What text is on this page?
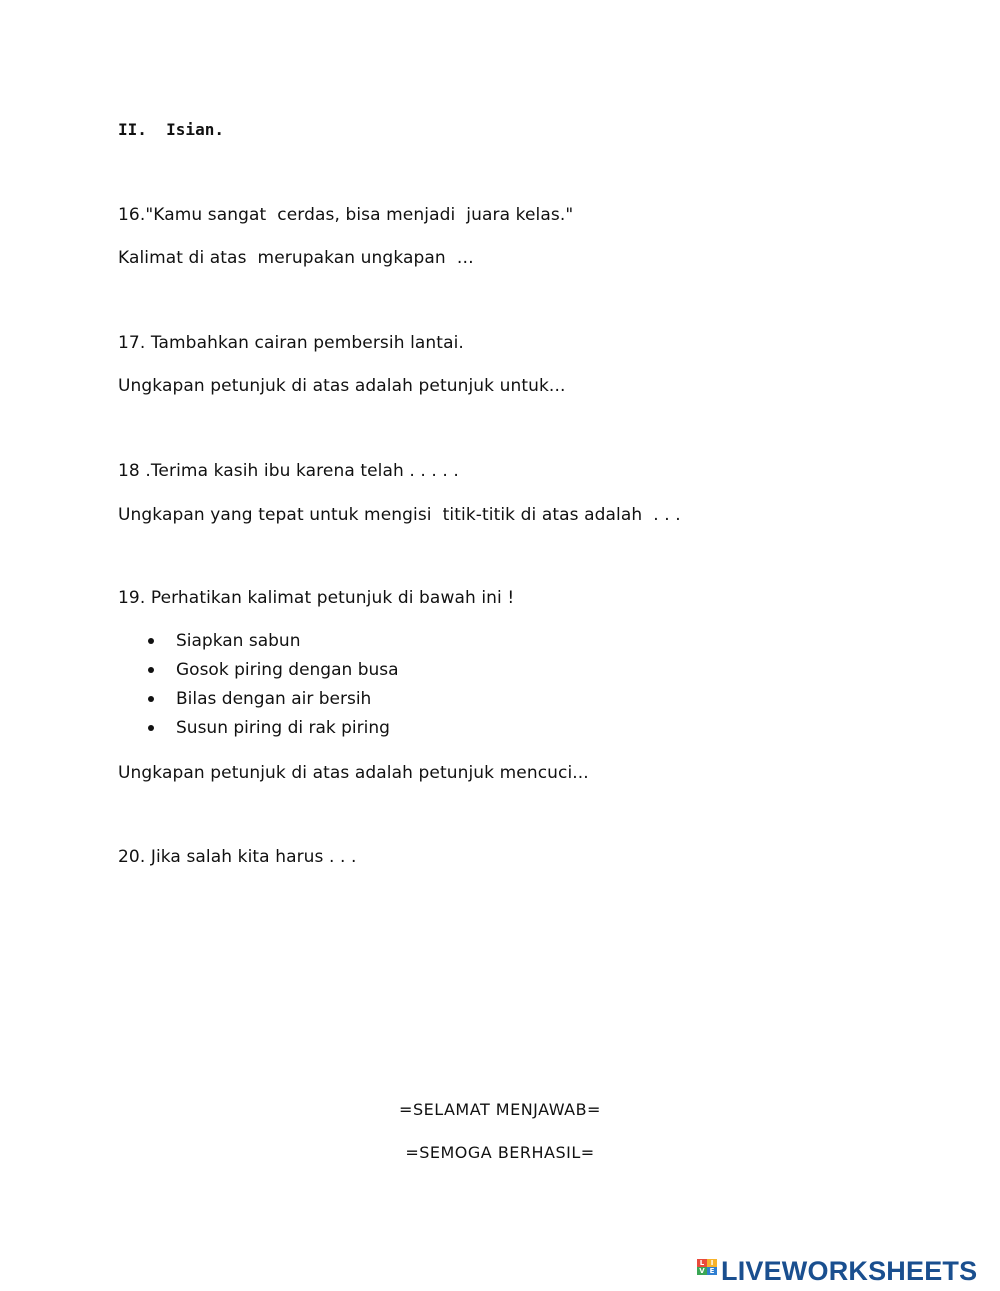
II.  Isian.
16."Kamu sangat  cerdas, bisa menjadi  juara kelas."
Kalimat di atas  merupakan ungkapan  …
17. Tambahkan cairan pembersih lantai.
Ungkapan petunjuk di atas adalah petunjuk untuk...
18 .Terima kasih ibu karena telah . . . . .
Ungkapan yang tepat untuk mengisi  titik-titik di atas adalah  . . .
19. Perhatikan kalimat petunjuk di bawah ini !
Siapkan sabun
Gosok piring dengan busa
Bilas dengan air bersih
Susun piring di rak piring
Ungkapan petunjuk di atas adalah petunjuk mencuci...
20. Jika salah kita harus . . .
=SELAMAT MENJAWAB=
=SEMOGA BERHASIL=
L I
V E LIVEWORKSHEETS
